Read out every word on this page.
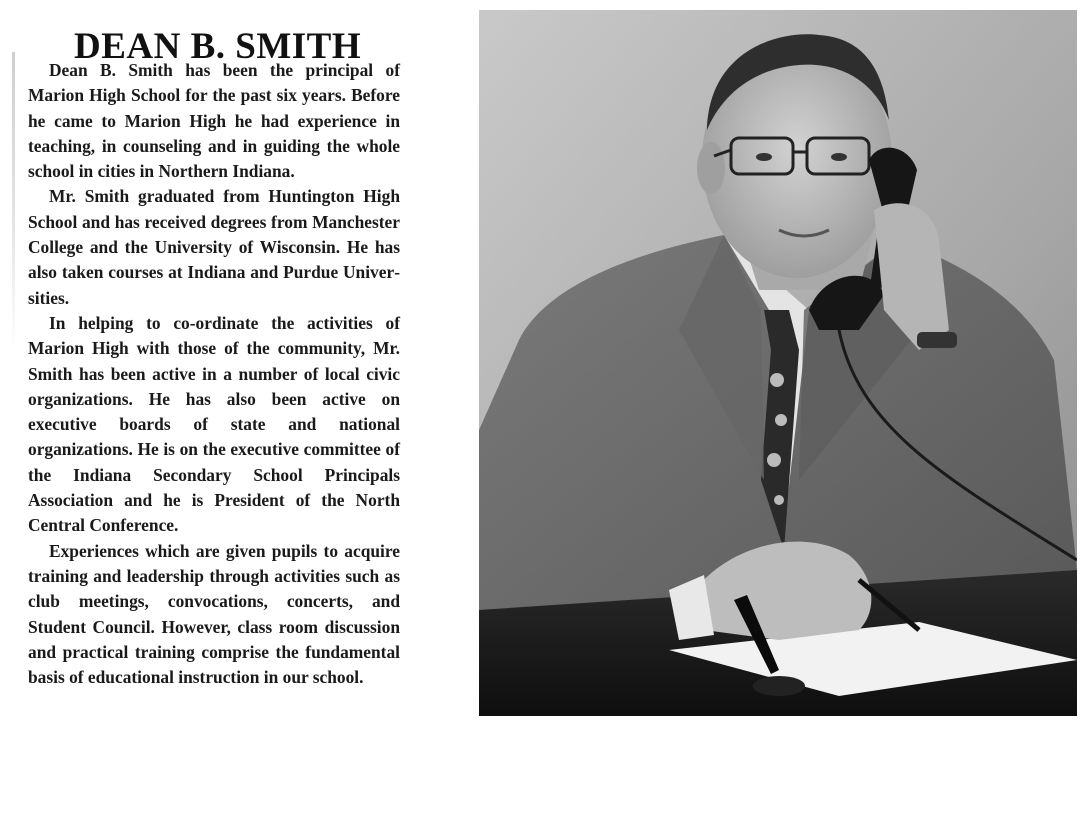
DEAN B. SMITH

Dean B. Smith has been the principal of Marion High School for the past six years. Before he came to Marion High he had experience in teaching, in counseling and in guiding the whole school in cities in Northern Indiana.

Mr. Smith graduated from Huntington High School and has received degrees from Manchester College and the University of Wisconsin. He has also taken courses at Indiana and Purdue Universities.

In helping to co-ordinate the activities of Marion High with those of the community, Mr. Smith has been active in a number of local civic organizations. He has also been active on executive boards of state and national organizations. He is on the executive committee of the Indiana Secondary School Principals Association and he is President of the North Central Conference.

Experiences which are given pupils to acquire training and leadership through activities such as club meetings, convocations, concerts, and Student Council. However, class room discussion and practical training comprise the fundamental basis of educational instruction in our school.
